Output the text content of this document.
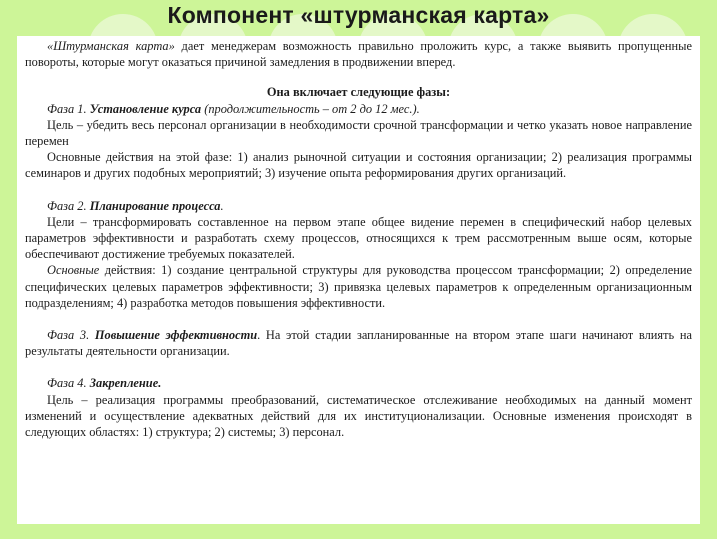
Компонент «штурманская карта»

«Штурманская карта» дает менеджерам возможность правильно проложить курс, а также выявить пропущенные повороты, которые могут оказаться причиной замедления в продвижении вперед.

Она включает следующие фазы:

Фаза 1. Установление курса (продолжительность – от 2 до 12 мес.).

Цель – убедить весь персонал организации в необходимости срочной трансформации и четко указать новое направление перемен

Основные действия на этой фазе: 1) анализ рыночной ситуации и состояния организации; 2) реализация программы семинаров и других подобных мероприятий; 3) изучение опыта реформирования других организаций.

Фаза 2. Планирование процесса.

Цели – трансформировать составленное на первом этапе общее видение перемен в специфический набор целевых параметров эффективности и разработать схему процессов, относящихся к трем рассмотренным выше осям, которые обеспечивают достижение требуемых показателей.

Основные действия: 1) создание центральной структуры для руководства процессом трансформации; 2) определение специфических целевых параметров эффективности; 3) привязка целевых параметров к определенным организационным подразделениям; 4) разработка методов повышения эффективности.

Фаза 3. Повышение эффективности. На этой стадии запланированные на втором этапе шаги начинают влиять на результаты деятельности организации.

Фаза 4. Закрепление.

Цель – реализация программы преобразований, систематическое отслеживание необходимых на данный момент изменений и осуществление адекватных действий для их институционализации. Основные изменения происходят в следующих областях: 1) структура; 2) системы; 3) персонал.
